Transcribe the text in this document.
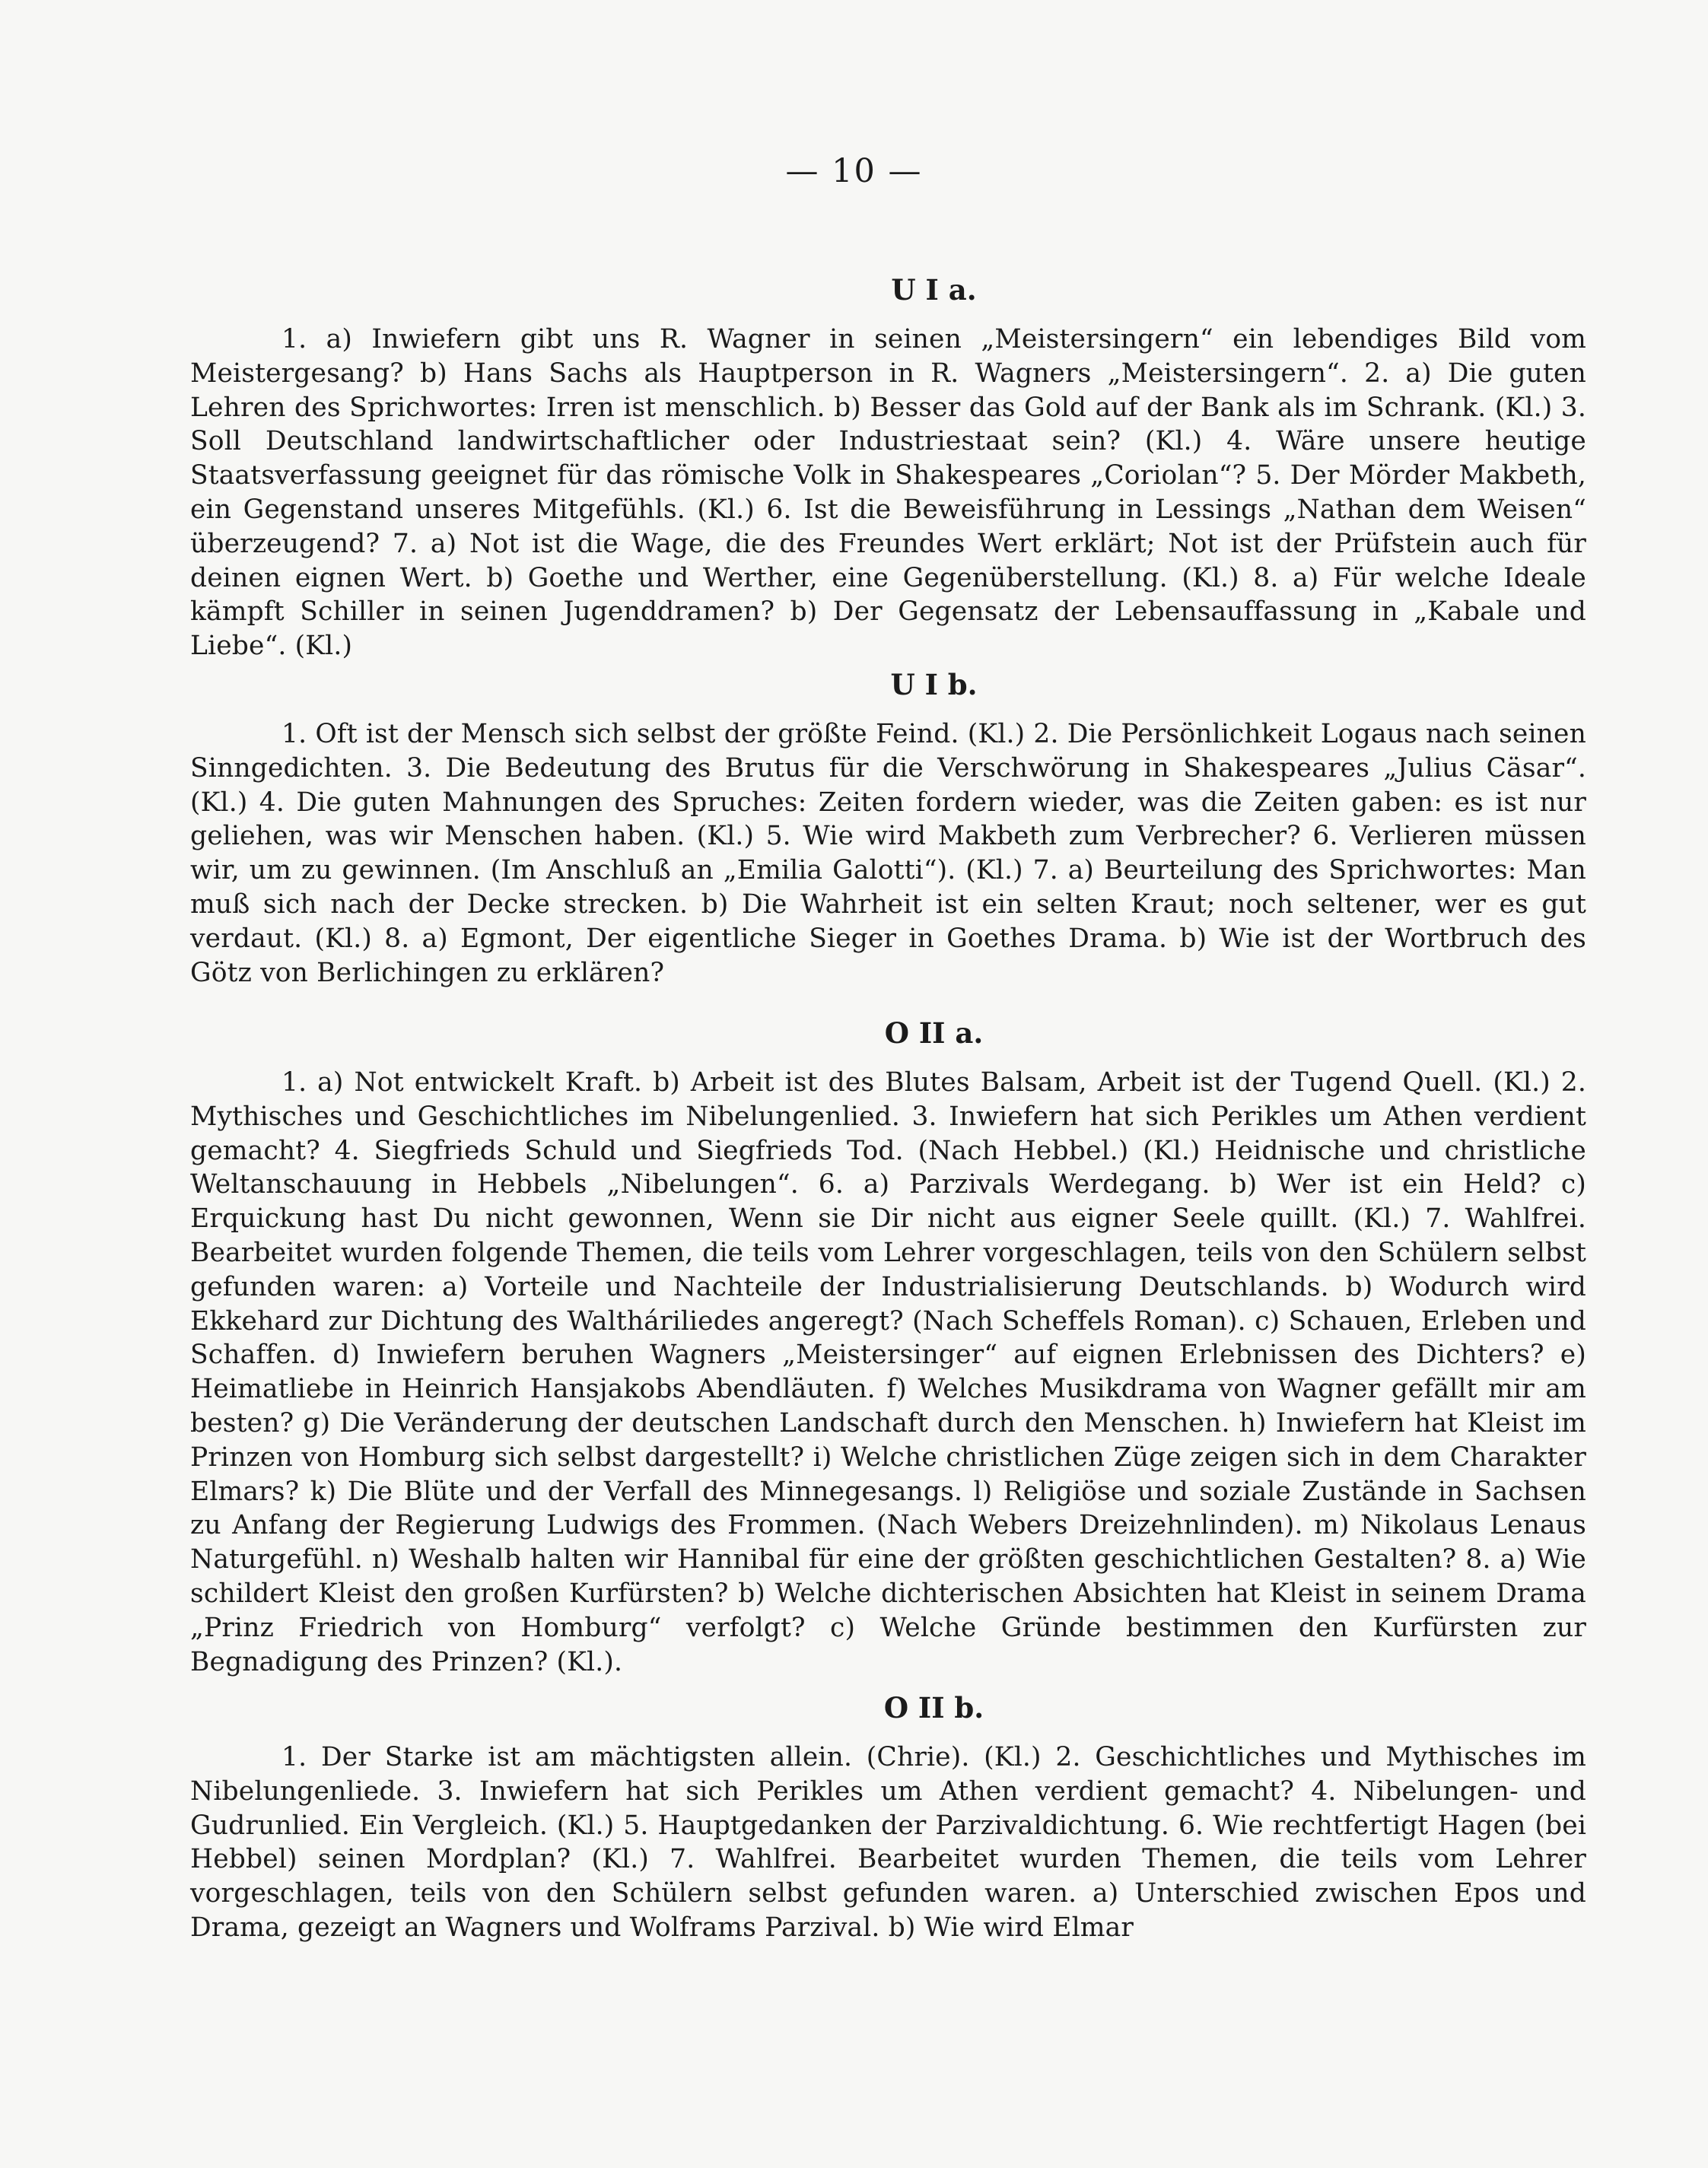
— 10 —
U I a.

1. a) Inwiefern gibt uns R. Wagner in seinen „Meistersingern“ ein lebendiges Bild vom Meistergesang? b) Hans Sachs als Hauptperson in R. Wagners „Meistersingern“. 2. a) Die guten Lehren des Sprichwortes: Irren ist menschlich. b) Besser das Gold auf der Bank als im Schrank. (Kl.) 3. Soll Deutschland landwirtschaftlicher oder Industriestaat sein? (Kl.) 4. Wäre unsere heutige Staatsverfassung geeignet für das römische Volk in Shakespeares „Coriolan“? 5. Der Mörder Makbeth, ein Gegenstand unseres Mitgefühls. (Kl.) 6. Ist die Beweisführung in Lessings „Nathan dem Weisen“ überzeugend? 7. a) Not ist die Wage, die des Freundes Wert erklärt; Not ist der Prüfstein auch für deinen eignen Wert. b) Goethe und Werther, eine Gegenüberstellung. (Kl.) 8. a) Für welche Ideale kämpft Schiller in seinen Jugenddramen? b) Der Gegensatz der Lebensauffassung in „Kabale und Liebe“. (Kl.)

U I b.

1. Oft ist der Mensch sich selbst der größte Feind. (Kl.) 2. Die Persönlichkeit Logaus nach seinen Sinngedichten. 3. Die Bedeutung des Brutus für die Verschwörung in Shakespeares „Julius Cäsar“. (Kl.) 4. Die guten Mahnungen des Spruches: Zeiten fordern wieder, was die Zeiten gaben: es ist nur geliehen, was wir Menschen haben. (Kl.) 5. Wie wird Makbeth zum Verbrecher? 6. Verlieren müssen wir, um zu gewinnen. (Im Anschluß an „Emilia Galotti“). (Kl.) 7. a) Beurteilung des Sprichwortes: Man muß sich nach der Decke strecken. b) Die Wahrheit ist ein selten Kraut; noch seltener, wer es gut verdaut. (Kl.) 8. a) Egmont, Der eigentliche Sieger in Goethes Drama. b) Wie ist der Wortbruch des Götz von Berlichingen zu erklären?

O II a.

1. a) Not entwickelt Kraft. b) Arbeit ist des Blutes Balsam, Arbeit ist der Tugend Quell. (Kl.) 2. Mythisches und Geschichtliches im Nibelungenlied. 3. Inwiefern hat sich Perikles um Athen verdient gemacht? 4. Siegfrieds Schuld und Siegfrieds Tod. (Nach Hebbel.) (Kl.) Heidnische und christliche Weltanschauung in Hebbels „Nibelungen“. 6. a) Parzivals Werdegang. b) Wer ist ein Held? c) Erquickung hast Du nicht gewonnen, Wenn sie Dir nicht aus eigner Seele quillt. (Kl.) 7. Wahlfrei. Bearbeitet wurden folgende Themen, die teils vom Lehrer vorgeschlagen, teils von den Schülern selbst gefunden waren: a) Vorteile und Nachteile der Industrialisierung Deutschlands. b) Wodurch wird Ekkehard zur Dichtung des Waltháriliedes angeregt? (Nach Scheffels Roman). c) Schauen, Erleben und Schaffen. d) Inwiefern beruhen Wagners „Meistersinger“ auf eignen Erlebnissen des Dichters? e) Heimatliebe in Heinrich Hansjakobs Abendläuten. f) Welches Musikdrama von Wagner gefällt mir am besten? g) Die Veränderung der deutschen Landschaft durch den Menschen. h) Inwiefern hat Kleist im Prinzen von Homburg sich selbst dargestellt? i) Welche christlichen Züge zeigen sich in dem Charakter Elmars? k) Die Blüte und der Verfall des Minnegesangs. l) Religiöse und soziale Zustände in Sachsen zu Anfang der Regierung Ludwigs des Frommen. (Nach Webers Dreizehnlinden). m) Nikolaus Lenaus Naturgefühl. n) Weshalb halten wir Hannibal für eine der größten geschichtlichen Gestalten? 8. a) Wie schildert Kleist den großen Kurfürsten? b) Welche dichterischen Absichten hat Kleist in seinem Drama „Prinz Friedrich von Homburg“ verfolgt? c) Welche Gründe bestimmen den Kurfürsten zur Begnadigung des Prinzen? (Kl.).

O II b.

1. Der Starke ist am mächtigsten allein. (Chrie). (Kl.) 2. Geschichtliches und Mythisches im Nibelungenliede. 3. Inwiefern hat sich Perikles um Athen verdient gemacht? 4. Nibelungen- und Gudrunlied. Ein Vergleich. (Kl.) 5. Hauptgedanken der Parzivaldichtung. 6. Wie rechtfertigt Hagen (bei Hebbel) seinen Mordplan? (Kl.) 7. Wahlfrei. Bearbeitet wurden Themen, die teils vom Lehrer vorgeschlagen, teils von den Schülern selbst gefunden waren. a) Unterschied zwischen Epos und Drama, gezeigt an Wagners und Wolframs Parzival. b) Wie wird Elmar
